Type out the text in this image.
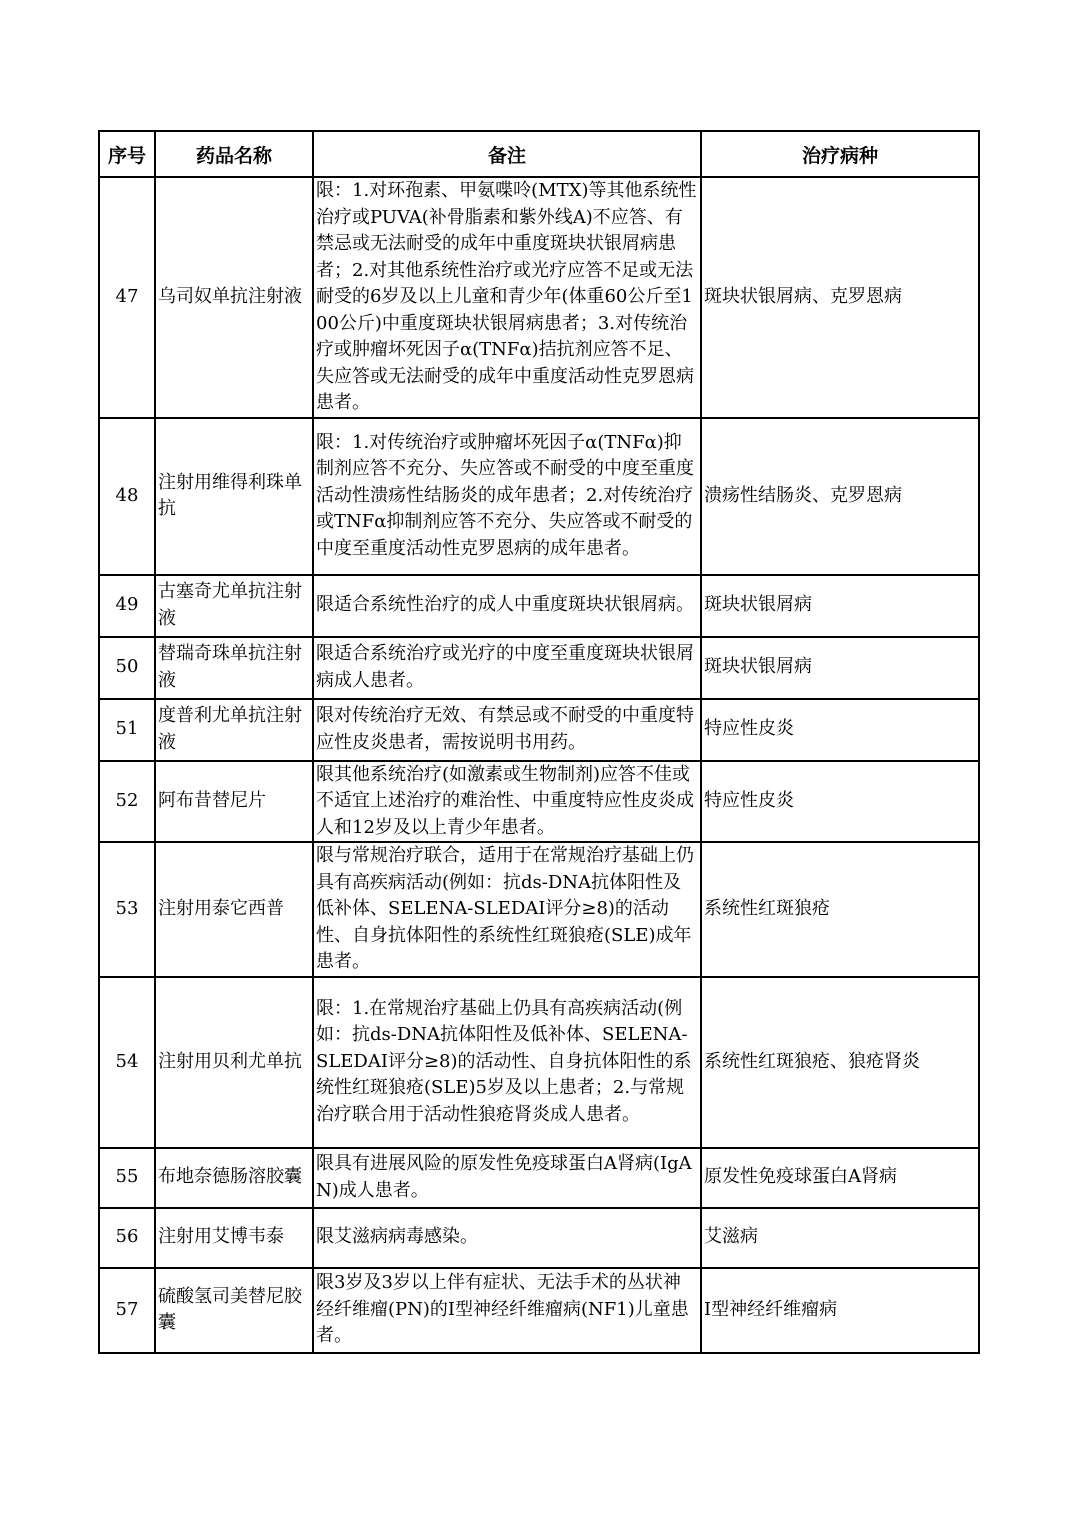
序号	药品名称	备注	治疗病种
47	乌司奴单抗注射液	限：1.对环孢素、甲氨喋呤(MTX)等其他系统性治疗或PUVA(补骨脂素和紫外线A)不应答、有禁忌或无法耐受的成年中重度斑块状银屑病患者；2.对其他系统性治疗或光疗应答不足或无法耐受的6岁及以上儿童和青少年(体重60公斤至100公斤)中重度斑块状银屑病患者；3.对传统治疗或肿瘤坏死因子α(TNFα)拮抗剂应答不足、失应答或无法耐受的成年中重度活动性克罗恩病患者。	斑块状银屑病、克罗恩病
48	注射用维得利珠单抗	限：1.对传统治疗或肿瘤坏死因子α(TNFα)抑制剂应答不充分、失应答或不耐受的中度至重度活动性溃疡性结肠炎的成年患者；2.对传统治疗或TNFα抑制剂应答不充分、失应答或不耐受的中度至重度活动性克罗恩病的成年患者。	溃疡性结肠炎、克罗恩病
49	古塞奇尤单抗注射液	限适合系统性治疗的成人中重度斑块状银屑病。	斑块状银屑病
50	替瑞奇珠单抗注射液	限适合系统治疗或光疗的中度至重度斑块状银屑病成人患者。	斑块状银屑病
51	度普利尤单抗注射液	限对传统治疗无效、有禁忌或不耐受的中重度特应性皮炎患者，需按说明书用药。	特应性皮炎
52	阿布昔替尼片	限其他系统治疗(如激素或生物制剂)应答不佳或不适宜上述治疗的难治性、中重度特应性皮炎成人和12岁及以上青少年患者。	特应性皮炎
53	注射用泰它西普	限与常规治疗联合，适用于在常规治疗基础上仍具有高疾病活动(例如：抗ds-DNA抗体阳性及低补体、SELENA-SLEDAI评分≥8)的活动性、自身抗体阳性的系统性红斑狼疮(SLE)成年患者。	系统性红斑狼疮
54	注射用贝利尤单抗	限：1.在常规治疗基础上仍具有高疾病活动(例如：抗ds-DNA抗体阳性及低补体、SELENA-SLEDAI评分≥8)的活动性、自身抗体阳性的系统性红斑狼疮(SLE)5岁及以上患者；2.与常规治疗联合用于活动性狼疮肾炎成人患者。	系统性红斑狼疮、狼疮肾炎
55	布地奈德肠溶胶囊	限具有进展风险的原发性免疫球蛋白A肾病(IgAN)成人患者。	原发性免疫球蛋白A肾病
56	注射用艾博韦泰	限艾滋病病毒感染。	艾滋病
57	硫酸氢司美替尼胶囊	限3岁及3岁以上伴有症状、无法手术的丛状神经纤维瘤(PN)的I型神经纤维瘤病(NF1)儿童患者。	I型神经纤维瘤病
